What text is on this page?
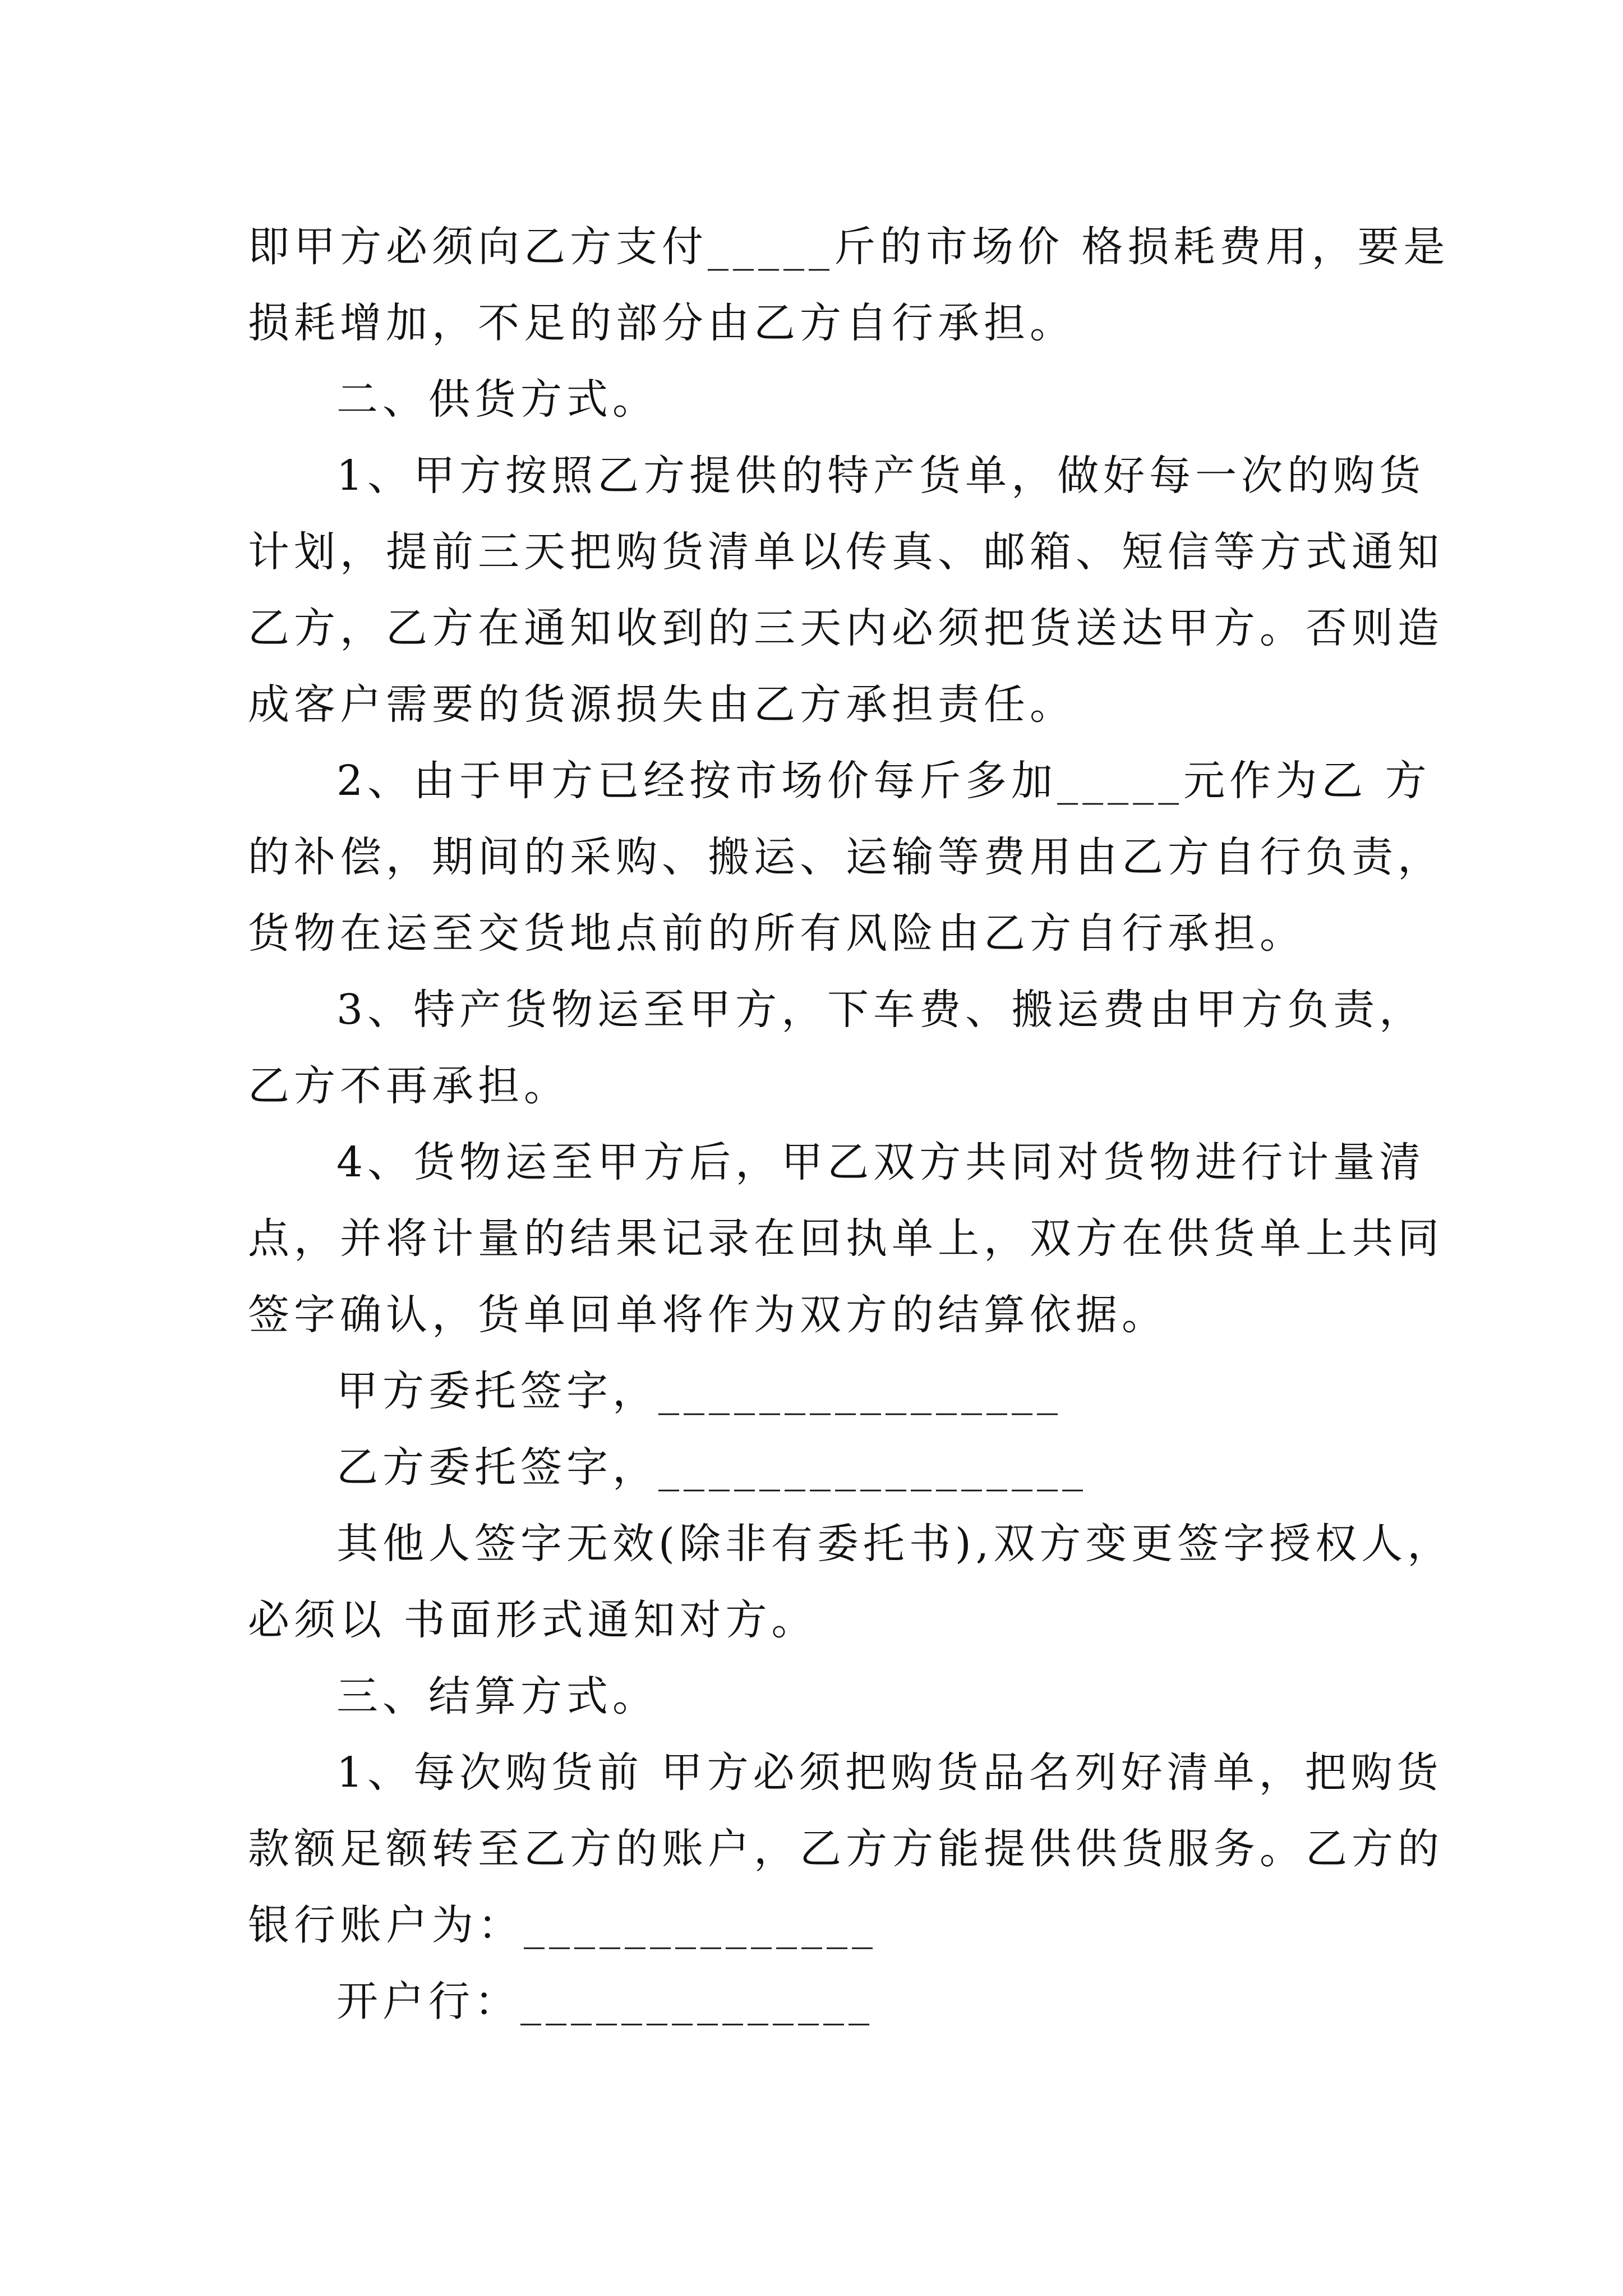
即甲方必须向乙方支付_____斤的市场价 格损耗费用，要是
损耗增加，不足的部分由乙方自行承担。
二、供货方式。
1、甲方按照乙方提供的特产货单，做好每一次的购货
计划，提前三天把购货清单以传真、邮箱、短信等方式通知
乙方，乙方在通知收到的三天内必须把货送达甲方。否则造
成客户需要的货源损失由乙方承担责任。
2、由于甲方已经按市场价每斤多加_____元作为乙 方
的补偿，期间的采购、搬运、运输等费用由乙方自行负责，
货物在运至交货地点前的所有风险由乙方自行承担。
3、特产货物运至甲方，下车费、搬运费由甲方负责，
乙方不再承担。
4、货物运至甲方后，甲乙双方共同对货物进行计量清
点，并将计量的结果记录在回执单上，双方在供货单上共同
签字确认，货单回单将作为双方的结算依据。
甲方委托签字，________________
乙方委托签字，_________________
其他人签字无效(除非有委托书),双方变更签字授权人，
必须以 书面形式通知对方。
三、结算方式。
1、每次购货前 甲方必须把购货品名列好清单，把购货
款额足额转至乙方的账户，乙方方能提供供货服务。乙方的
银行账户为：______________
开户行：______________
